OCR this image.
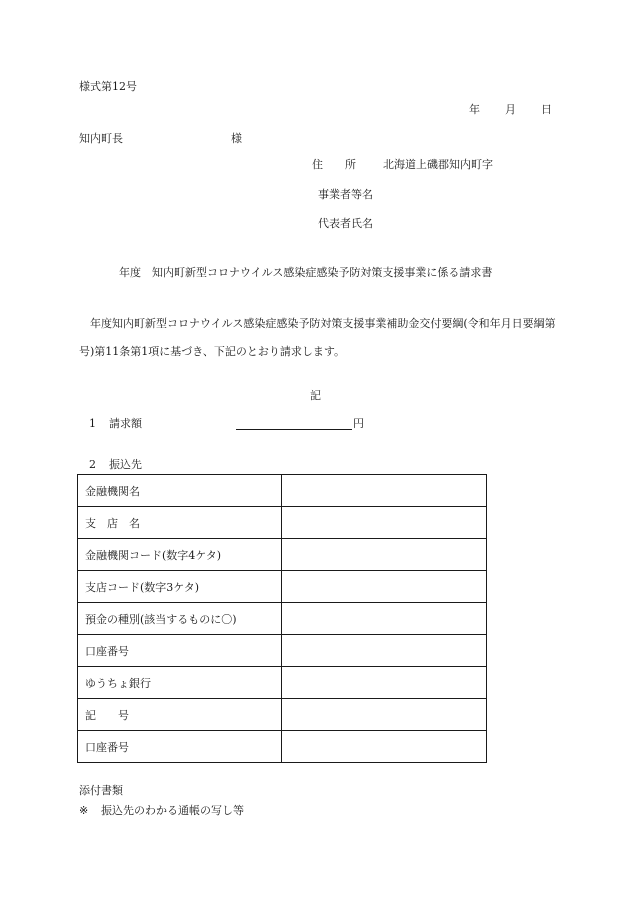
様式第12号
年 月 日
知内町長	様
住　　所 北海道上磯郡知内町字
事業者等名
代表者氏名
年度　知内町新型コロナウイルス感染症感染予防対策支援事業に係る請求書
年度知内町新型コロナウイルス感染症感染予防対策支援事業補助金交付要綱(令和年月日要綱第号)第11条第1項に基づき、下記のとおり請求します。
記
1 請求額	円
2 振込先
金融機関名	
支　店　名	
金融機関コード(数字4ケタ)	
支店コード(数字3ケタ)	
預金の種別(該当するものに〇)	
口座番号	
ゆうちょ銀行	
記　　号	
口座番号	
添付書類
※ 振込先のわかる通帳の写し等
